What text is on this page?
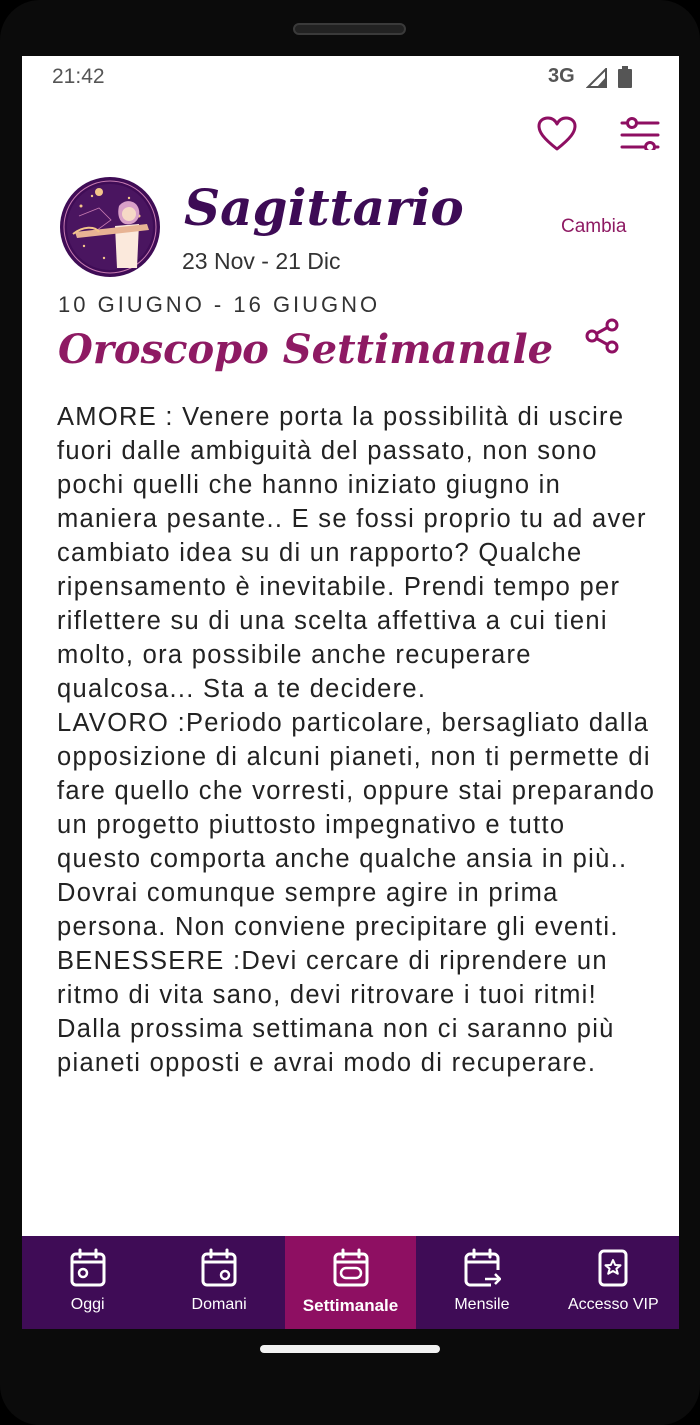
21:42	3G
Sagittario
23 Nov - 21 Dic
Cambia
10 GIUGNO - 16 GIUGNO
Oroscopo Settimanale

AMORE : Venere porta la possibilità di uscire fuori dalle ambiguità del passato, non sono pochi quelli che hanno iniziato giugno in maniera pesante.. E se fossi proprio tu ad aver cambiato idea su di un rapporto? Qualche ripensamento è inevitabile. Prendi tempo per riflettere su di una scelta affettiva a cui tieni molto, ora possibile anche recuperare qualcosa... Sta a te decidere.

LAVORO :Periodo particolare, bersagliato dalla opposizione di alcuni pianeti, non ti permette di fare quello che vorresti, oppure stai preparando un progetto piuttosto impegnativo e tutto questo comporta anche qualche ansia in più.. Dovrai comunque sempre agire in prima persona. Non conviene precipitare gli eventi.

BENESSERE :Devi cercare di riprendere un ritmo di vita sano, devi ritrovare i tuoi ritmi! Dalla prossima settimana non ci saranno più pianeti opposti e avrai modo di recuperare.

Oggi	Domani	Settimanale	Mensile	Accesso VIP
